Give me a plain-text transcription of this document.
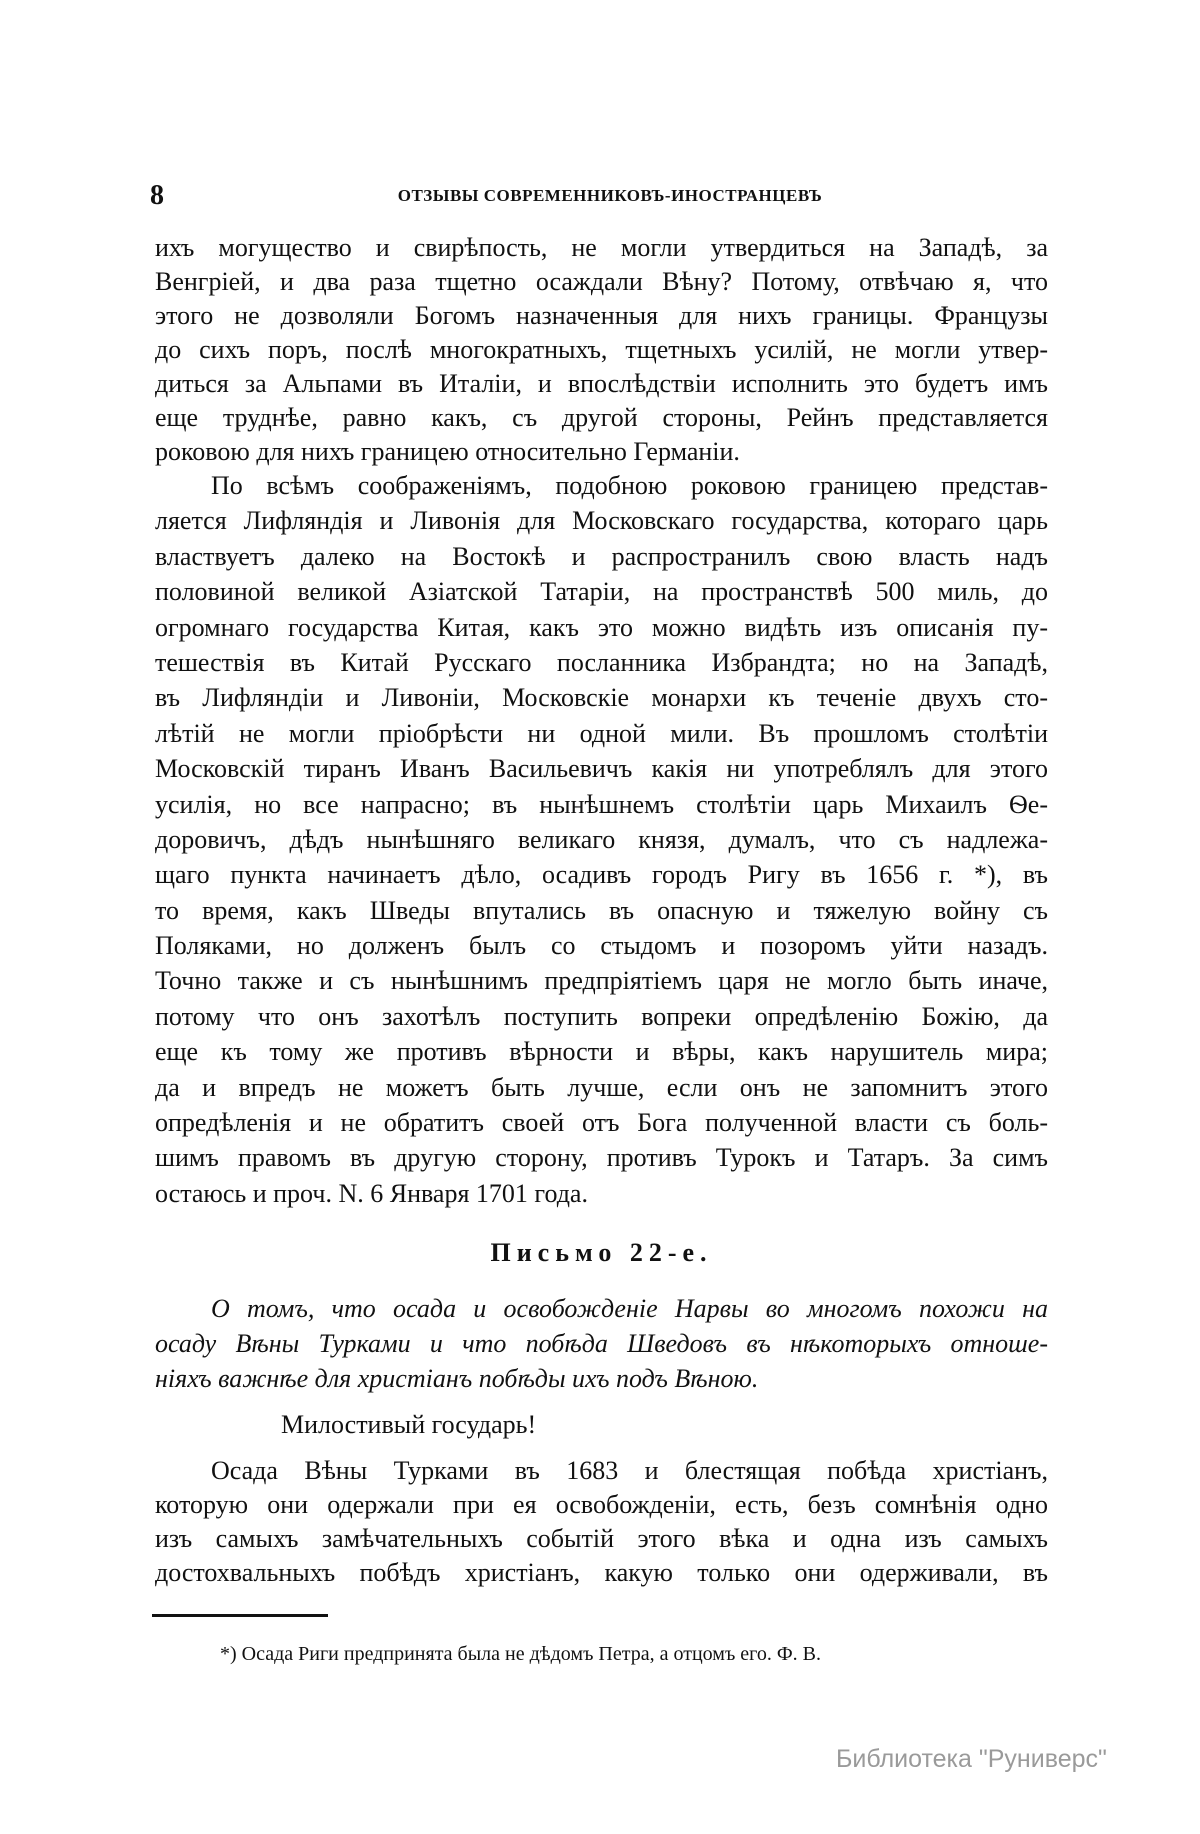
8	ОТЗЫВЫ СОВРЕМЕННИКОВЪ-ИНОСТРАНЦЕВЪ
ихъ могущество и свирѣпость, не могли утвердиться на Западѣ, за
Венгріей, и два раза тщетно осаждали Вѣну? Потому, отвѣчаю я, что
этого не дозволяли Богомъ назначенныя для нихъ границы. Французы
до сихъ поръ, послѣ многократныхъ, тщетныхъ усилій, не могли утвер-
диться за Альпами въ Италіи, и впослѣдствіи исполнить это будетъ имъ
еще труднѣе, равно какъ, съ другой стороны, Рейнъ представляется
роковою для нихъ границею относительно Германіи.
По всѣмъ соображеніямъ, подобною роковою границею представ-
ляется Лифляндія и Ливонія для Московскаго государства, котораго царь
властвуетъ далеко на Востокѣ и распространилъ свою власть надъ
половиной великой Азіатской Татаріи, на пространствѣ 500 миль, до
огромнаго государства Китая, какъ это можно видѣть изъ описанія пу-
тешествія въ Китай Русскаго посланника Избрандта; но на Западѣ,
въ Лифляндіи и Ливоніи, Московскіе монархи къ теченіе двухъ сто-
лѣтій не могли пріобрѣсти ни одной мили. Въ прошломъ столѣтіи
Московскій тиранъ Иванъ Васильевичъ какія ни употреблялъ для этого
усилія, но все напрасно; въ нынѣшнемъ столѣтіи царь Михаилъ Ѳе-
доровичъ, дѣдъ нынѣшняго великаго князя, думалъ, что съ надлежа-
щаго пункта начинаетъ дѣло, осадивъ городъ Ригу въ 1656 г. *), въ
то время, какъ Шведы впутались въ опасную и тяжелую войну съ
Поляками, но долженъ былъ со стыдомъ и позоромъ уйти назадъ.
Точно также и съ нынѣшнимъ предпріятіемъ царя не могло быть иначе,
потому что онъ захотѣлъ поступить вопреки опредѣленію Божію, да
еще къ тому же противъ вѣрности и вѣры, какъ нарушитель мира;
да и впредъ не можетъ быть лучше, если онъ не запомнитъ этого
опредѣленія и не обратитъ своей отъ Бога полученной власти съ боль-
шимъ правомъ въ другую сторону, противъ Турокъ и Татаръ. За симъ
остаюсь и проч. N. 6 Января 1701 года.
Письмо 22-е.
О томъ, что осада и освобожденіе Нарвы во многомъ похожи на
осаду Вѣны Турками и что побѣда Шведовъ въ нѣкоторыхъ отноше-
ніяхъ важнѣе для христіанъ побѣды ихъ подъ Вѣною.
Милостивый государь!
Осада Вѣны Турками въ 1683 и блестящая побѣда христіанъ,
которую они одержали при ея освобожденіи, есть, безъ сомнѣнія одно
изъ самыхъ замѣчательныхъ событій этого вѣка и одна изъ самыхъ
достохвальныхъ побѣдъ христіанъ, какую только они одерживали, въ
*) Осада Риги предпринята была не дѣдомъ Петра, а отцомъ его. Ф. В.
Библиотека "Руниверс"
